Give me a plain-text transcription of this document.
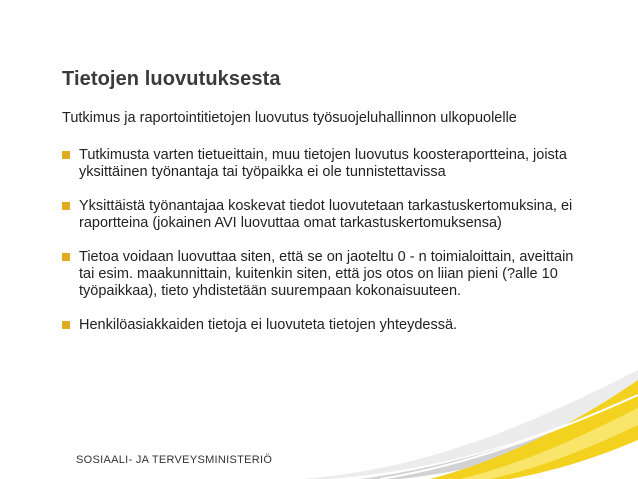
Tietojen luovutuksesta
Tutkimus ja raportointitietojen luovutus työsuojeluhallinnon ulkopuolelle
Tutkimusta varten tietueittain, muu tietojen luovutus koosteraportteina, joista yksittäinen työnantaja tai työpaikka ei ole tunnistettavissa
Yksittäistä työnantajaa koskevat tiedot luovutetaan tarkastuskertomuksina, ei raportteina (jokainen AVI luovuttaa omat tarkastuskertomuksensa)
Tietoa voidaan luovuttaa siten, että se on jaoteltu 0 - n toimialoittain, aveittain tai esim. maakunnittain, kuitenkin siten, että jos otos on liian pieni (?alle 10 työpaikkaa), tieto yhdistetään suurempaan kokonaisuuteen.
Henkilöasiakkaiden tietoja ei luovuteta tietojen yhteydessä.
SOSIAALI- JA TERVEYSMINISTERIÖ
